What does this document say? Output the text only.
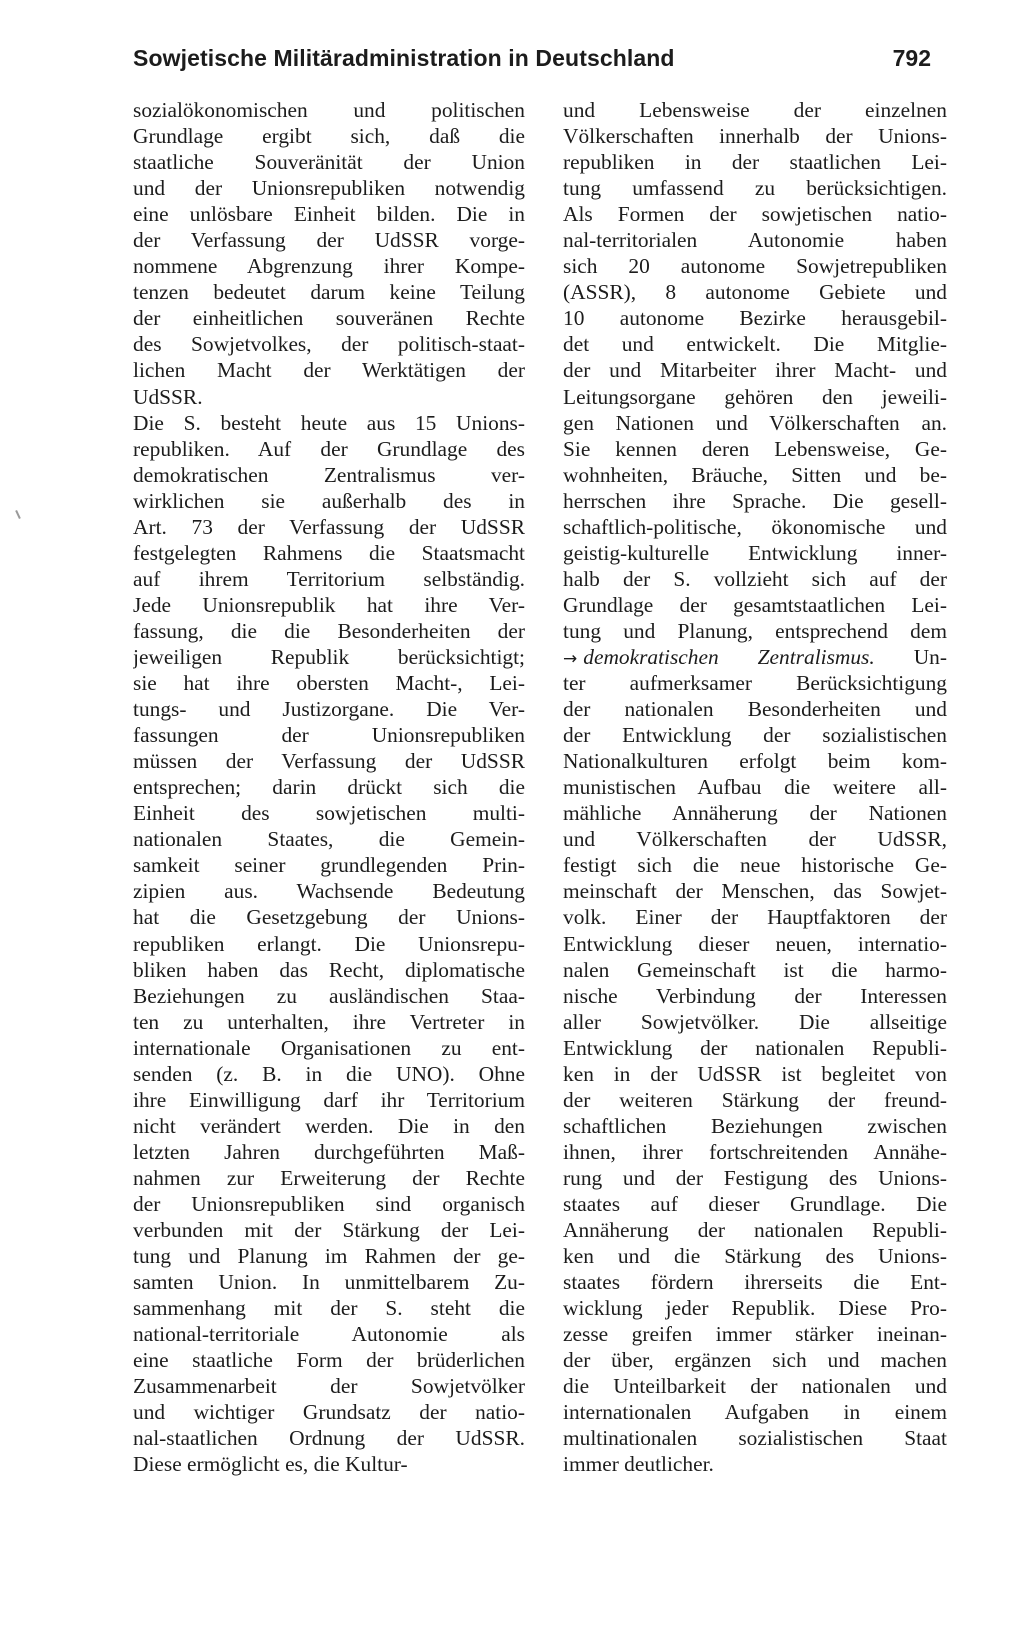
Sowjetische Militäradministration in Deutschland	792
sozialökonomischen und politischen
Grundlage ergibt sich, daß die
staatliche Souveränität der Union
und der Unionsrepubliken notwendig
eine unlösbare Einheit bilden. Die in
der Verfassung der UdSSR vorge-
nommene Abgrenzung ihrer Kompe-
tenzen bedeutet darum keine Teilung
der einheitlichen souveränen Rechte
des Sowjetvolkes, der politisch-staat-
lichen Macht der Werktätigen der
UdSSR.
Die S. besteht heute aus 15 Unions-
republiken. Auf der Grundlage des
demokratischen Zentralismus ver-
wirklichen sie außerhalb des in
Art. 73 der Verfassung der UdSSR
festgelegten Rahmens die Staatsmacht
auf ihrem Territorium selbständig.
Jede Unionsrepublik hat ihre Ver-
fassung, die die Besonderheiten der
jeweiligen Republik berücksichtigt;
sie hat ihre obersten Macht-, Lei-
tungs- und Justizorgane. Die Ver-
fassungen der Unionsrepubliken
müssen der Verfassung der UdSSR
entsprechen; darin drückt sich die
Einheit des sowjetischen multi-
nationalen Staates, die Gemein-
samkeit seiner grundlegenden Prin-
zipien aus. Wachsende Bedeutung
hat die Gesetzgebung der Unions-
republiken erlangt. Die Unionsrepu-
bliken haben das Recht, diplomatische
Beziehungen zu ausländischen Staa-
ten zu unterhalten, ihre Vertreter in
internationale Organisationen zu ent-
senden (z. B. in die UNO). Ohne
ihre Einwilligung darf ihr Territorium
nicht verändert werden. Die in den
letzten Jahren durchgeführten Maß-
nahmen zur Erweiterung der Rechte
der Unionsrepubliken sind organisch
verbunden mit der Stärkung der Lei-
tung und Planung im Rahmen der ge-
samten Union. In unmittelbarem Zu-
sammenhang mit der S. steht die
national-territoriale Autonomie als
eine staatliche Form der brüderlichen
Zusammenarbeit der Sowjetvölker
und wichtiger Grundsatz der natio-
nal-staatlichen Ordnung der UdSSR.
Diese ermöglicht es, die Kultur-
und Lebensweise der einzelnen
Völkerschaften innerhalb der Unions-
republiken in der staatlichen Lei-
tung umfassend zu berücksichtigen.
Als Formen der sowjetischen natio-
nal-territorialen Autonomie haben
sich 20 autonome Sowjetrepubliken
(ASSR), 8 autonome Gebiete und
10 autonome Bezirke herausgebil-
det und entwickelt. Die Mitglie-
der und Mitarbeiter ihrer Macht- und
Leitungsorgane gehören den jeweili-
gen Nationen und Völkerschaften an.
Sie kennen deren Lebensweise, Ge-
wohnheiten, Bräuche, Sitten und be-
herrschen ihre Sprache. Die gesell-
schaftlich-politische, ökonomische und
geistig-kulturelle Entwicklung inner-
halb der S. vollzieht sich auf der
Grundlage der gesamtstaatlichen Lei-
tung und Planung, entsprechend dem
→ demokratischen Zentralismus. Un-
ter aufmerksamer Berücksichtigung
der nationalen Besonderheiten und
der Entwicklung der sozialistischen
Nationalkulturen erfolgt beim kom-
munistischen Aufbau die weitere all-
mähliche Annäherung der Nationen
und Völkerschaften der UdSSR,
festigt sich die neue historische Ge-
meinschaft der Menschen, das Sowjet-
volk. Einer der Hauptfaktoren der
Entwicklung dieser neuen, internatio-
nalen Gemeinschaft ist die harmo-
nische Verbindung der Interessen
aller Sowjetvölker. Die allseitige
Entwicklung der nationalen Republi-
ken in der UdSSR ist begleitet von
der weiteren Stärkung der freund-
schaftlichen Beziehungen zwischen
ihnen, ihrer fortschreitenden Annähe-
rung und der Festigung des Unions-
staates auf dieser Grundlage. Die
Annäherung der nationalen Republi-
ken und die Stärkung des Unions-
staates fördern ihrerseits die Ent-
wicklung jeder Republik. Diese Pro-
zesse greifen immer stärker ineinan-
der über, ergänzen sich und machen
die Unteilbarkeit der nationalen und
internationalen Aufgaben in einem
multinationalen sozialistischen Staat
immer deutlicher.
